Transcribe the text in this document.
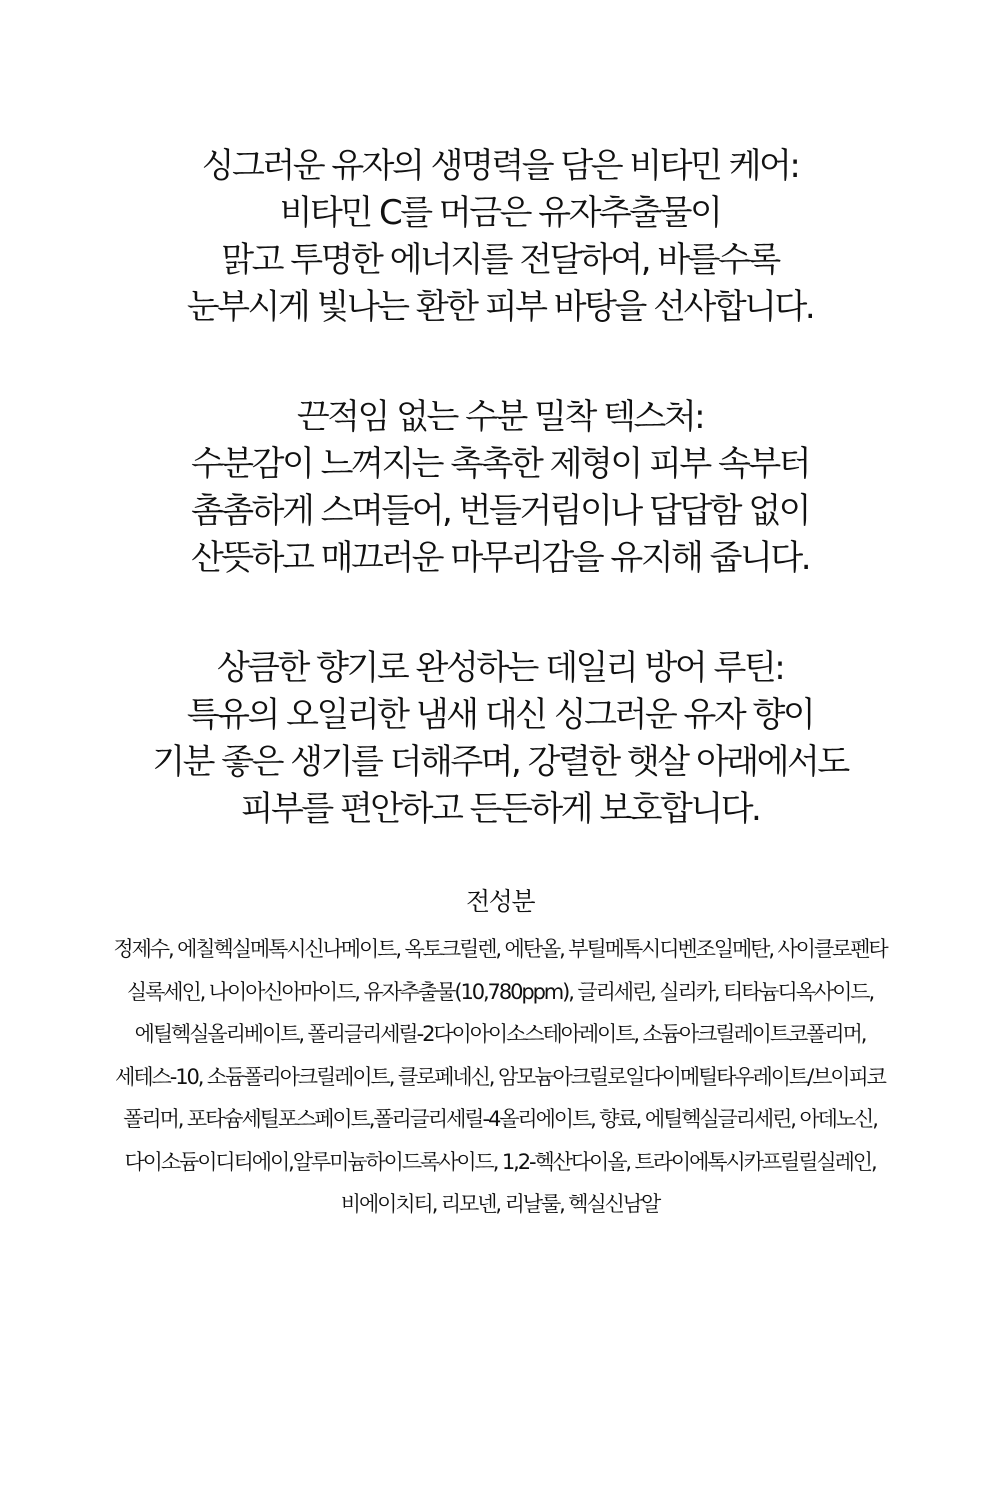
싱그러운 유자의 생명력을 담은 비타민 케어:
비타민 C를 머금은 유자추출물이
맑고 투명한 에너지를 전달하여, 바를수록
눈부시게 빛나는 환한 피부 바탕을 선사합니다.
끈적임 없는 수분 밀착 텍스처:
수분감이 느껴지는 촉촉한 제형이 피부 속부터
촘촘하게 스며들어, 번들거림이나 답답함 없이
산뜻하고 매끄러운 마무리감을 유지해 줍니다.
상큼한 향기로 완성하는 데일리 방어 루틴:
특유의 오일리한 냄새 대신 싱그러운 유자 향이
기분 좋은 생기를 더해주며, 강렬한 햇살 아래에서도
피부를 편안하고 든든하게 보호합니다.
전성분
정제수, 에칠헥실메톡시신나메이트, 옥토크릴렌, 에탄올, 부틸메톡시디벤조일메탄, 사이클로펜타
실록세인, 나이아신아마이드, 유자추출물(10,780ppm), 글리세린, 실리카, 티타늄디옥사이드,
에틸헥실올리베이트, 폴리글리세릴-2다이아이소스테아레이트, 소듐아크릴레이트코폴리머,
세테스-10, 소듐폴리아크릴레이트, 클로페네신, 암모늄아크릴로일다이메틸타우레이트/브이피코
폴리머, 포타슘세틸포스페이트,폴리글리세릴-4올리에이트, 향료, 에틸헥실글리세린, 아데노신,
다이소듐이디티에이,알루미늄하이드록사이드, 1,2-헥산다이올, 트라이에톡시카프릴릴실레인,
비에이치티, 리모넨, 리날룰, 헥실신남알
